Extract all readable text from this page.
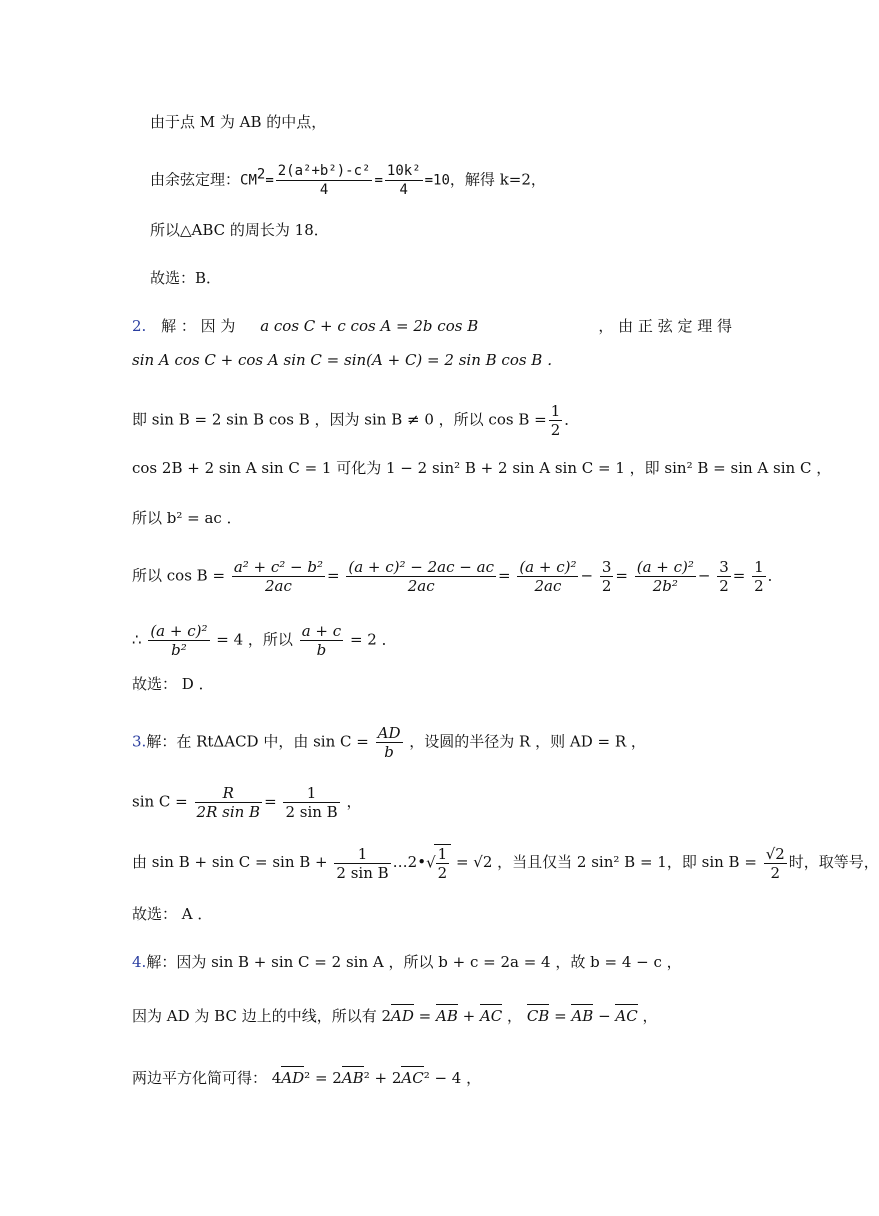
由于点 M 为 AB 的中点，
由余弦定理：$CM^2= \frac{\text{2(a²+b²)-c²}}{4} = \frac{\text{10k²}}{4} =10$，解得 k=2，
所以△ABC 的周长为 18．
故选：B．
2. 解 ： 因 为 a cos C + c cos A = 2b cos B	， 由 正 弦 定 理 得
sin A cos C + cos A sin C = sin(A + C) = 2 sin B cos B ．
即 sin B = 2 sin B cos B ，因为 sin B ≠ 0 ，所以 $\cos B = \frac{1}{2}$ ．
cos 2B + 2 sin A sin C = 1 可化为 1 − 2 sin² B + 2 sin A sin C = 1 ，即 sin² B = sin A sin C ，
所以 b² = ac ．
所以 $\cos B = \frac{\text{a² + c² − b²}}{2ac} = \frac{\text{(a + c)² − 2ac − ac}}{2ac} = \frac{\text{(a + c)²}}{2ac} - \frac{3}{2} = \frac{\text{(a + c)²}}{\text{2b²}} - \frac{3}{2} = \frac{1}{2}$ ．
∴ $\frac{\text{(a + c)²}}{\text{b²}} = 4$ ，所以 $\frac{a + c}{b} = 2$ ．
故选： D ．
3.解：在 RtΔACD 中，由 $\sin C = \frac{AD}{b}$ ，设圆的半径为 R ，则 AD = R ，
$\sin C = \frac{R}{\text{2R sin B}} = \frac{1}{\text{2 sin B}}$ ，
由 $\sin B + \sin C = \sin B + \frac{1}{\text{2 sin B}}$ …2•√ $\frac{1}{2} = √2$ ，当且仅当 2 sin² B = 1，即 $\sin B = \frac{√2}{2}$ 时，取等号，
故选： A ．
4.解：因为 sin B + sin C = 2 sin A ，所以 b + c = 2a = 4 ，故 b = 4 − c ，
因为 AD 为 BC 边上的中线，所以有 2AD = AB + AC ， CB = AB − AC ，
两边平方化简可得： 4AD² = 2AB² + 2AC² − 4 ，
